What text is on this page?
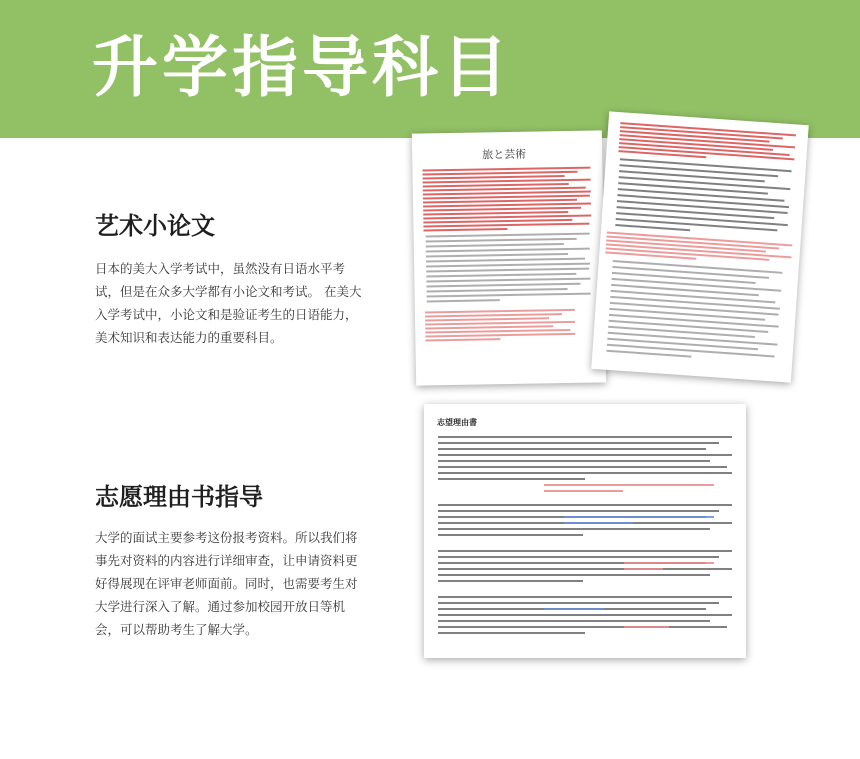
升学指导科目
艺术小论文
日本的美大入学考试中，虽然没有日语水平考试，但是在众多大学都有小论文和考试。 在美大入学考试中，小论文和是验证考生的日语能力，美术知识和表达能力的重要科目。
志愿理由书指导
大学的面试主要参考这份报考资料。所以我们将事先对资料的内容进行详细审查，让申请资料更好得展现在评审老师面前。同时，也需要考生对大学进行深入了解。通过参加校园开放日等机会，可以帮助考生了解大学。
旅と芸術
志望理由書
